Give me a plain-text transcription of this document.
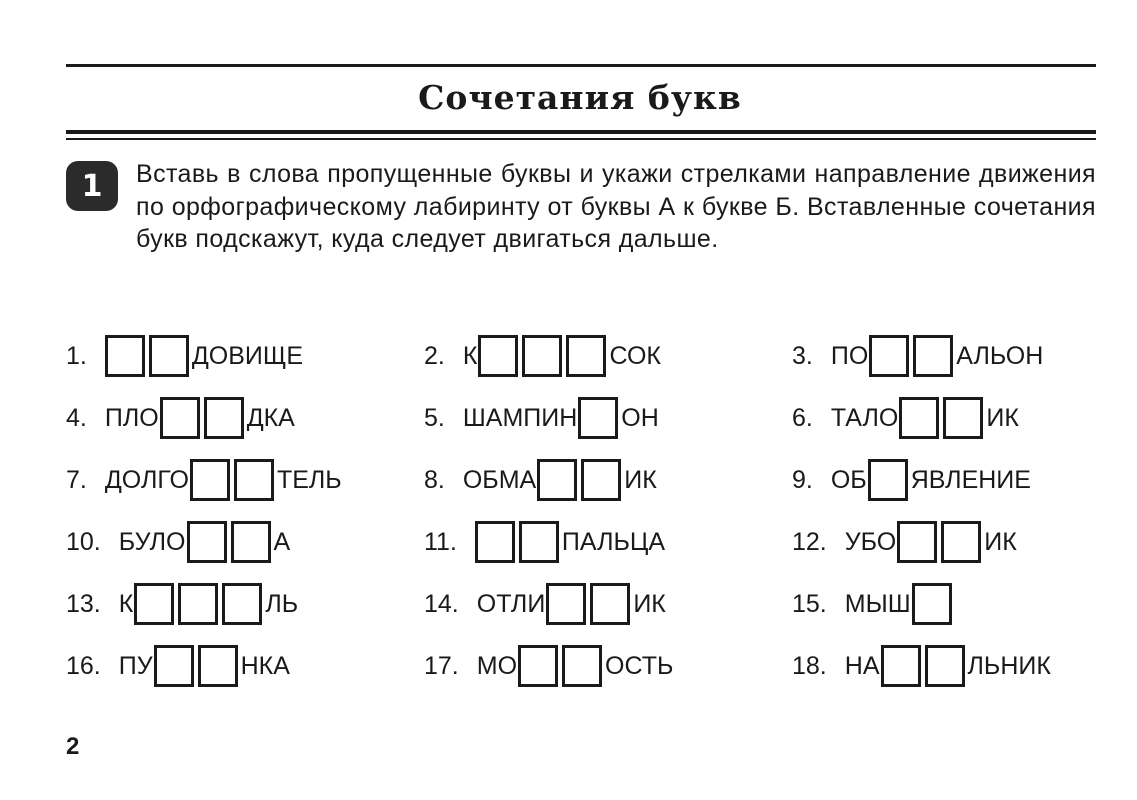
Сочетания букв
1	Вставь в слова пропущенные буквы и укажи стрелками направление движения по орфографическому лабиринту от буквы А к букве Б. Вставленные сочетания букв подскажут, куда следует двигаться дальше.
1.	ДОВИЩЕ	2. К	СОК	3. ПО	АЛЬОН
4. ПЛО	ДКА	5. ШАМПИН ОН	6. ТАЛО	ИК
7. ДОЛГО	ТЕЛЬ	8. ОБМА	ИК	9. ОБ ЯВЛЕНИЕ
10. БУЛО	А	11.	ПАЛЬЦА	12. УБО	ИК
13. К	ЛЬ	14. ОТЛИ	ИК	15. МЫШ
16. ПУ	НКА	17. МО	ОСТЬ	18. НА	ЛЬНИК
2
